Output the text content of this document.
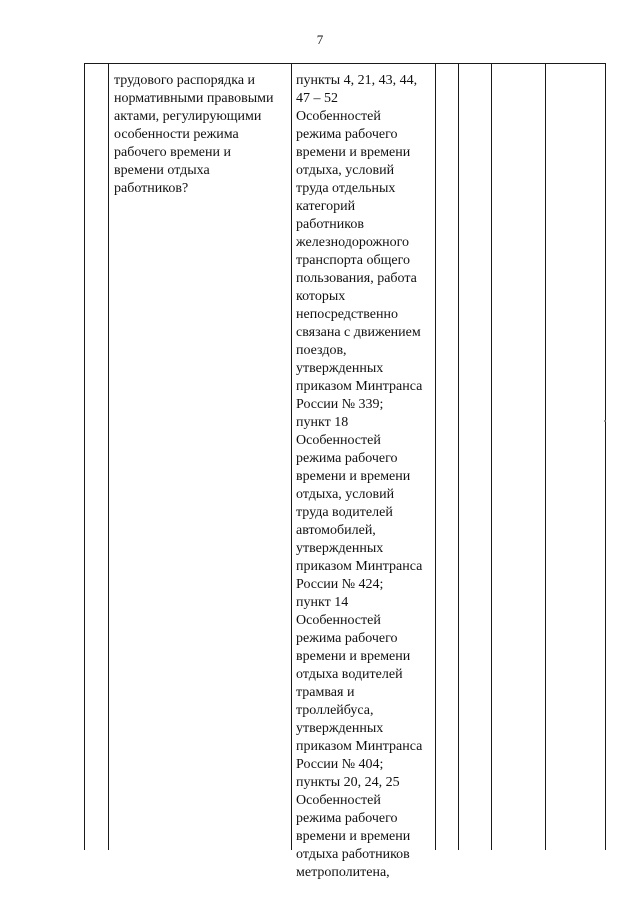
7
трудового распорядка и
нормативными правовыми
актами, регулирующими
особенности режима
рабочего времени и
времени отдыха
работников?
пункты 4, 21, 43, 44,
47 – 52
Особенностей
режима рабочего
времени и времени
отдыха, условий
труда отдельных
категорий
работников
железнодорожного
транспорта общего
пользования, работа
которых
непосредственно
связана с движением
поездов,
утвержденных
приказом Минтранса
России № 339;
пункт 18
Особенностей
режима рабочего
времени и времени
отдыха, условий
труда водителей
автомобилей,
утвержденных
приказом Минтранса
России № 424;
пункт 14
Особенностей
режима рабочего
времени и времени
отдыха водителей
трамвая и
троллейбуса,
утвержденных
приказом Минтранса
России № 404;
пункты 20, 24, 25
Особенностей
режима рабочего
времени и времени
отдыха работников
метрополитена,
